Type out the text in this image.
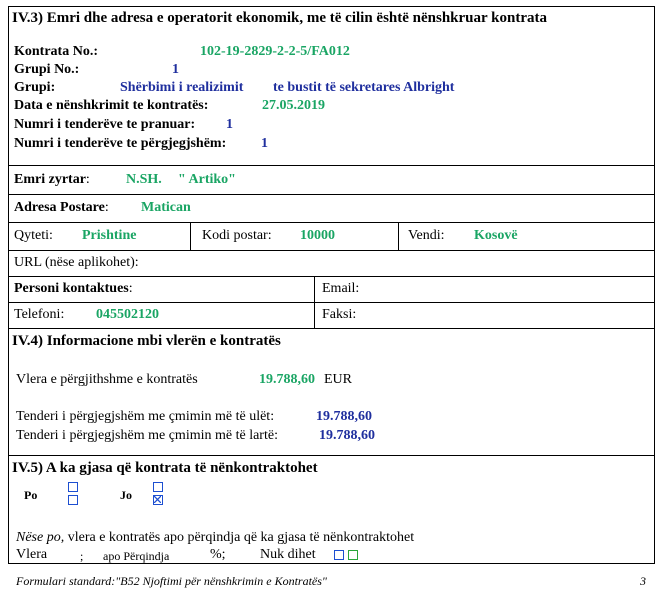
IV.3) Emri dhe adresa e operatorit ekonomik, me të cilin është nënshkruar kontrata
Kontrata No.:	102-19-2829-2-2-5/FA012
Grupi No.:	1
Grupi:	Shërbimi i realizimit te bustit të sekretares Albright
Data e nënshkrimit te kontratës:	27.05.2019
Numri i tenderëve te pranuar: 1
Numri i tenderëve te përgjegjshëm: 1
Emri zyrtar:	N.SH. " Artiko"
Adresa Postare: Matican
Qyteti: Prishtine	Kodi postar: 10000	Vendi: Kosovë
URL (nëse aplikohet):
Personi kontaktues:	Email:
Telefoni: 045502120	Faksi:
IV.4) Informacione mbi vlerën e kontratës
Vlera e përgjithshme e kontratës	19.788,60 EUR
Tenderi i përgjegjshëm me çmimin më të ulët:	19.788,60
Tenderi i përgjegjshëm me çmimin më të lartë:	19.788,60
IV.5) A ka gjasa që kontrata të nënkontraktohet
Po	Jo
Nëse po, vlera e kontratës apo përqindja që ka gjasa të nënkontraktohet
Vlera	; apo Përqindja	%; Nuk dihet
Formulari standard:"B52 Njoftimi për nënshkrimin e Kontratës"	3
